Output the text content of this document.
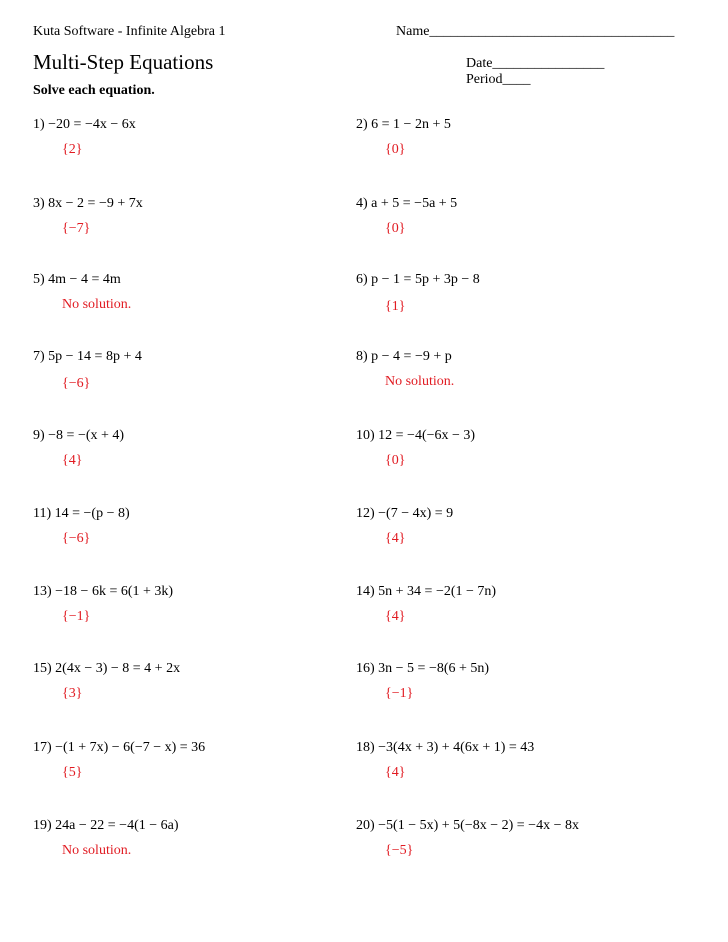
Kuta Software - Infinite Algebra 1	Name___________________________________
Multi-Step Equations	Date________________Period____
Solve each equation.
1) −20 = −4x − 6x
{2}
2) 6 = 1 − 2n + 5
{0}
3) 8x − 2 = −9 + 7x
{−7}
4) a + 5 = −5a + 5
{0}
5) 4m − 4 = 4m
No solution.
6) p − 1 = 5p + 3p − 8
{1}
7) 5p − 14 = 8p + 4
{−6}
8) p − 4 = −9 + p
No solution.
9) −8 = −(x + 4)
{4}
10) 12 = −4(−6x − 3)
{0}
11) 14 = −(p − 8)
{−6}
12) −(7 − 4x) = 9
{4}
13) −18 − 6k = 6(1 + 3k)
{−1}
14) 5n + 34 = −2(1 − 7n)
{4}
15) 2(4x − 3) − 8 = 4 + 2x
{3}
16) 3n − 5 = −8(6 + 5n)
{−1}
17) −(1 + 7x) − 6(−7 − x) = 36
{5}
18) −3(4x + 3) + 4(6x + 1) = 43
{4}
19) 24a − 22 = −4(1 − 6a)
No solution.
20) −5(1 − 5x) + 5(−8x − 2) = −4x − 8x
{−5}
